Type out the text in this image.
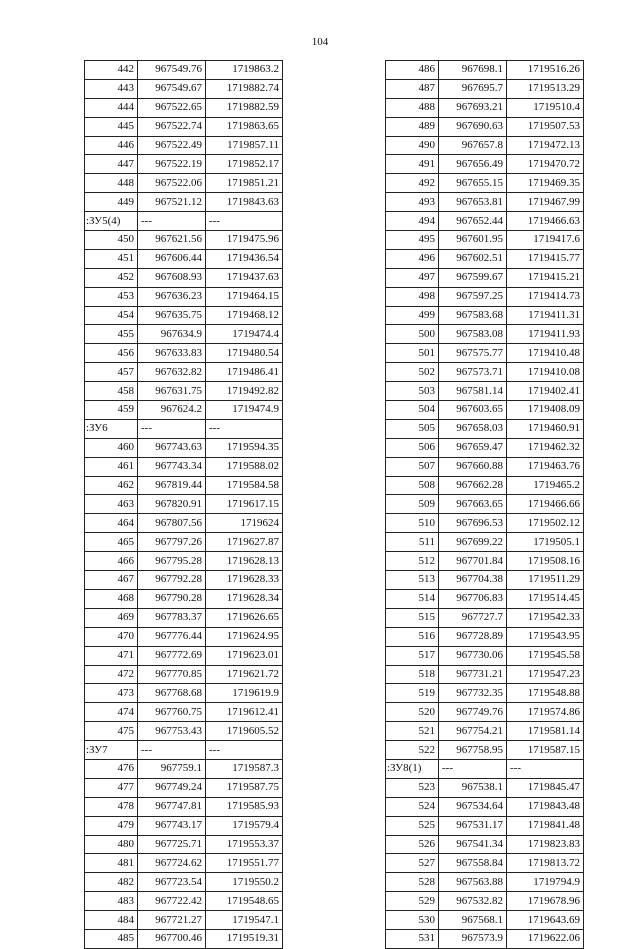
104
442	967549.76	1719863.2
443	967549.67	1719882.74
444	967522.65	1719882.59
445	967522.74	1719863.65
446	967522.49	1719857.11
447	967522.19	1719852.17
448	967522.06	1719851.21
449	967521.12	1719843.63
:ЗУ5(4)	---	---
450	967621.56	1719475.96
451	967606.44	1719436.54
452	967608.93	1719437.63
453	967636.23	1719464.15
454	967635.75	1719468.12
455	967634.9	1719474.4
456	967633.83	1719480.54
457	967632.82	1719486.41
458	967631.75	1719492.82
459	967624.2	1719474.9
:ЗУ6	---	---
460	967743.63	1719594.35
461	967743.34	1719588.02
462	967819.44	1719584.58
463	967820.91	1719617.15
464	967807.56	1719624
465	967797.26	1719627.87
466	967795.28	1719628.13
467	967792.28	1719628.33
468	967790.28	1719628.34
469	967783.37	1719626.65
470	967776.44	1719624.95
471	967772.69	1719623.01
472	967770.85	1719621.72
473	967768.68	1719619.9
474	967760.75	1719612.41
475	967753.43	1719605.52
:ЗУ7	---	---
476	967759.1	1719587.3
477	967749.24	1719587.75
478	967747.81	1719585.93
479	967743.17	1719579.4
480	967725.71	1719553.37
481	967724.62	1719551.77
482	967723.54	1719550.2
483	967722.42	1719548.65
484	967721.27	1719547.1
485	967700.46	1719519.31
486	967698.1	1719516.26
487	967695.7	1719513.29
488	967693.21	1719510.4
489	967690.63	1719507.53
490	967657.8	1719472.13
491	967656.49	1719470.72
492	967655.15	1719469.35
493	967653.81	1719467.99
494	967652.44	1719466.63
495	967601.95	1719417.6
496	967602.51	1719415.77
497	967599.67	1719415.21
498	967597.25	1719414.73
499	967583.68	1719411.31
500	967583.08	1719411.93
501	967575.77	1719410.48
502	967573.71	1719410.08
503	967581.14	1719402.41
504	967603.65	1719408.09
505	967658.03	1719460.91
506	967659.47	1719462.32
507	967660.88	1719463.76
508	967662.28	1719465.2
509	967663.65	1719466.66
510	967696.53	1719502.12
511	967699.22	1719505.1
512	967701.84	1719508.16
513	967704.38	1719511.29
514	967706.83	1719514.45
515	967727.7	1719542.33
516	967728.89	1719543.95
517	967730.06	1719545.58
518	967731.21	1719547.23
519	967732.35	1719548.88
520	967749.76	1719574.86
521	967754.21	1719581.14
522	967758.95	1719587.15
:ЗУ8(1)	---	---
523	967538.1	1719845.47
524	967534.64	1719843.48
525	967531.17	1719841.48
526	967541.34	1719823.83
527	967558.84	1719813.72
528	967563.88	1719794.9
529	967532.82	1719678.96
530	967568.1	1719643.69
531	967573.9	1719622.06
